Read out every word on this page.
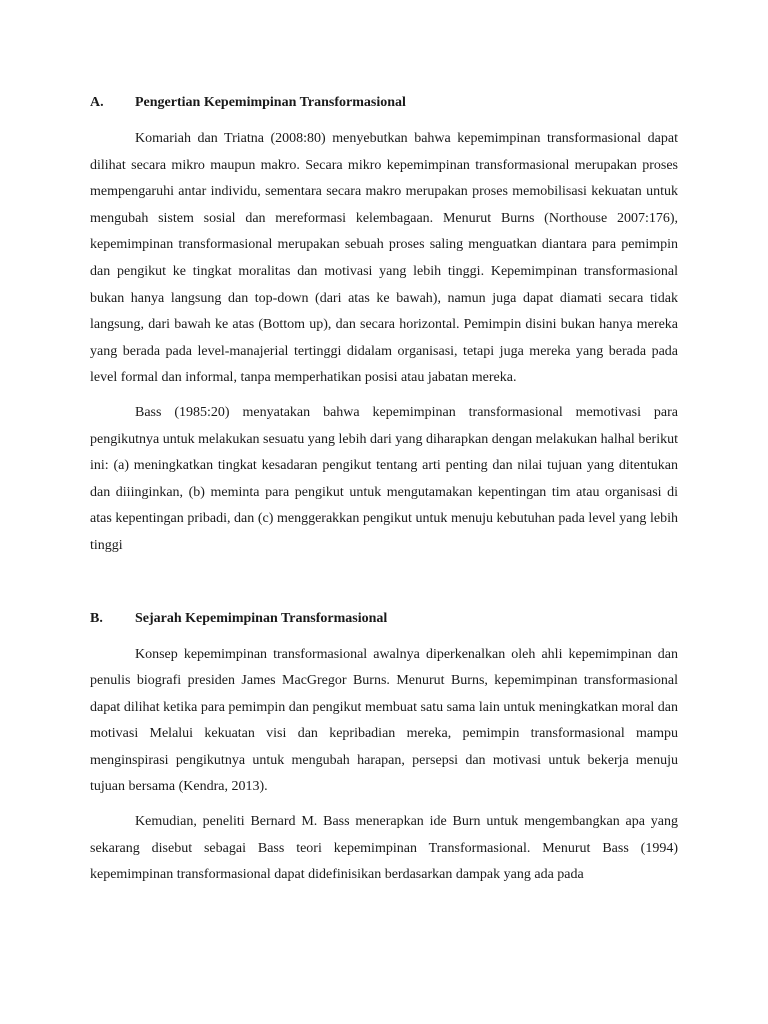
A.	Pengertian Kepemimpinan Transformasional

Komariah dan Triatna (2008:80) menyebutkan bahwa kepemimpinan transformasional dapat dilihat secara mikro maupun makro. Secara mikro kepemimpinan transformasional merupakan proses mempengaruhi antar individu, sementara secara makro merupakan proses memobilisasi kekuatan untuk mengubah sistem sosial dan mereformasi kelembagaan. Menurut Burns (Northouse 2007:176), kepemimpinan transformasional merupakan sebuah proses saling menguatkan diantara para pemimpin dan pengikut ke tingkat moralitas dan motivasi yang lebih tinggi. Kepemimpinan transformasional bukan hanya langsung dan top-down (dari atas ke bawah), namun juga dapat diamati secara tidak langsung, dari bawah ke atas (Bottom up), dan secara horizontal. Pemimpin disini bukan hanya mereka yang berada pada level-manajerial tertinggi didalam organisasi, tetapi juga mereka yang berada pada level formal dan informal, tanpa memperhatikan posisi atau jabatan mereka.

Bass (1985:20) menyatakan bahwa kepemimpinan transformasional memotivasi para pengikutnya untuk melakukan sesuatu yang lebih dari yang diharapkan dengan melakukan halhal berikut ini: (a) meningkatkan tingkat kesadaran pengikut tentang arti penting dan nilai tujuan yang ditentukan dan diiinginkan, (b) meminta para pengikut untuk mengutamakan kepentingan tim atau organisasi di atas kepentingan pribadi, dan (c) menggerakkan pengikut untuk menuju kebutuhan pada level yang lebih tinggi

B.	Sejarah Kepemimpinan Transformasional

Konsep kepemimpinan transformasional awalnya diperkenalkan oleh ahli kepemimpinan dan penulis biografi presiden James MacGregor Burns. Menurut Burns, kepemimpinan transformasional dapat dilihat ketika para pemimpin dan pengikut membuat satu sama lain untuk meningkatkan moral dan motivasi Melalui kekuatan visi dan kepribadian mereka, pemimpin transformasional mampu menginspirasi pengikutnya untuk mengubah harapan, persepsi dan motivasi untuk bekerja menuju tujuan bersama (Kendra, 2013).

Kemudian, peneliti Bernard M. Bass menerapkan ide Burn untuk mengembangkan apa yang sekarang disebut sebagai Bass teori kepemimpinan Transformasional. Menurut Bass (1994) kepemimpinan transformasional dapat didefinisikan berdasarkan dampak yang ada pada
